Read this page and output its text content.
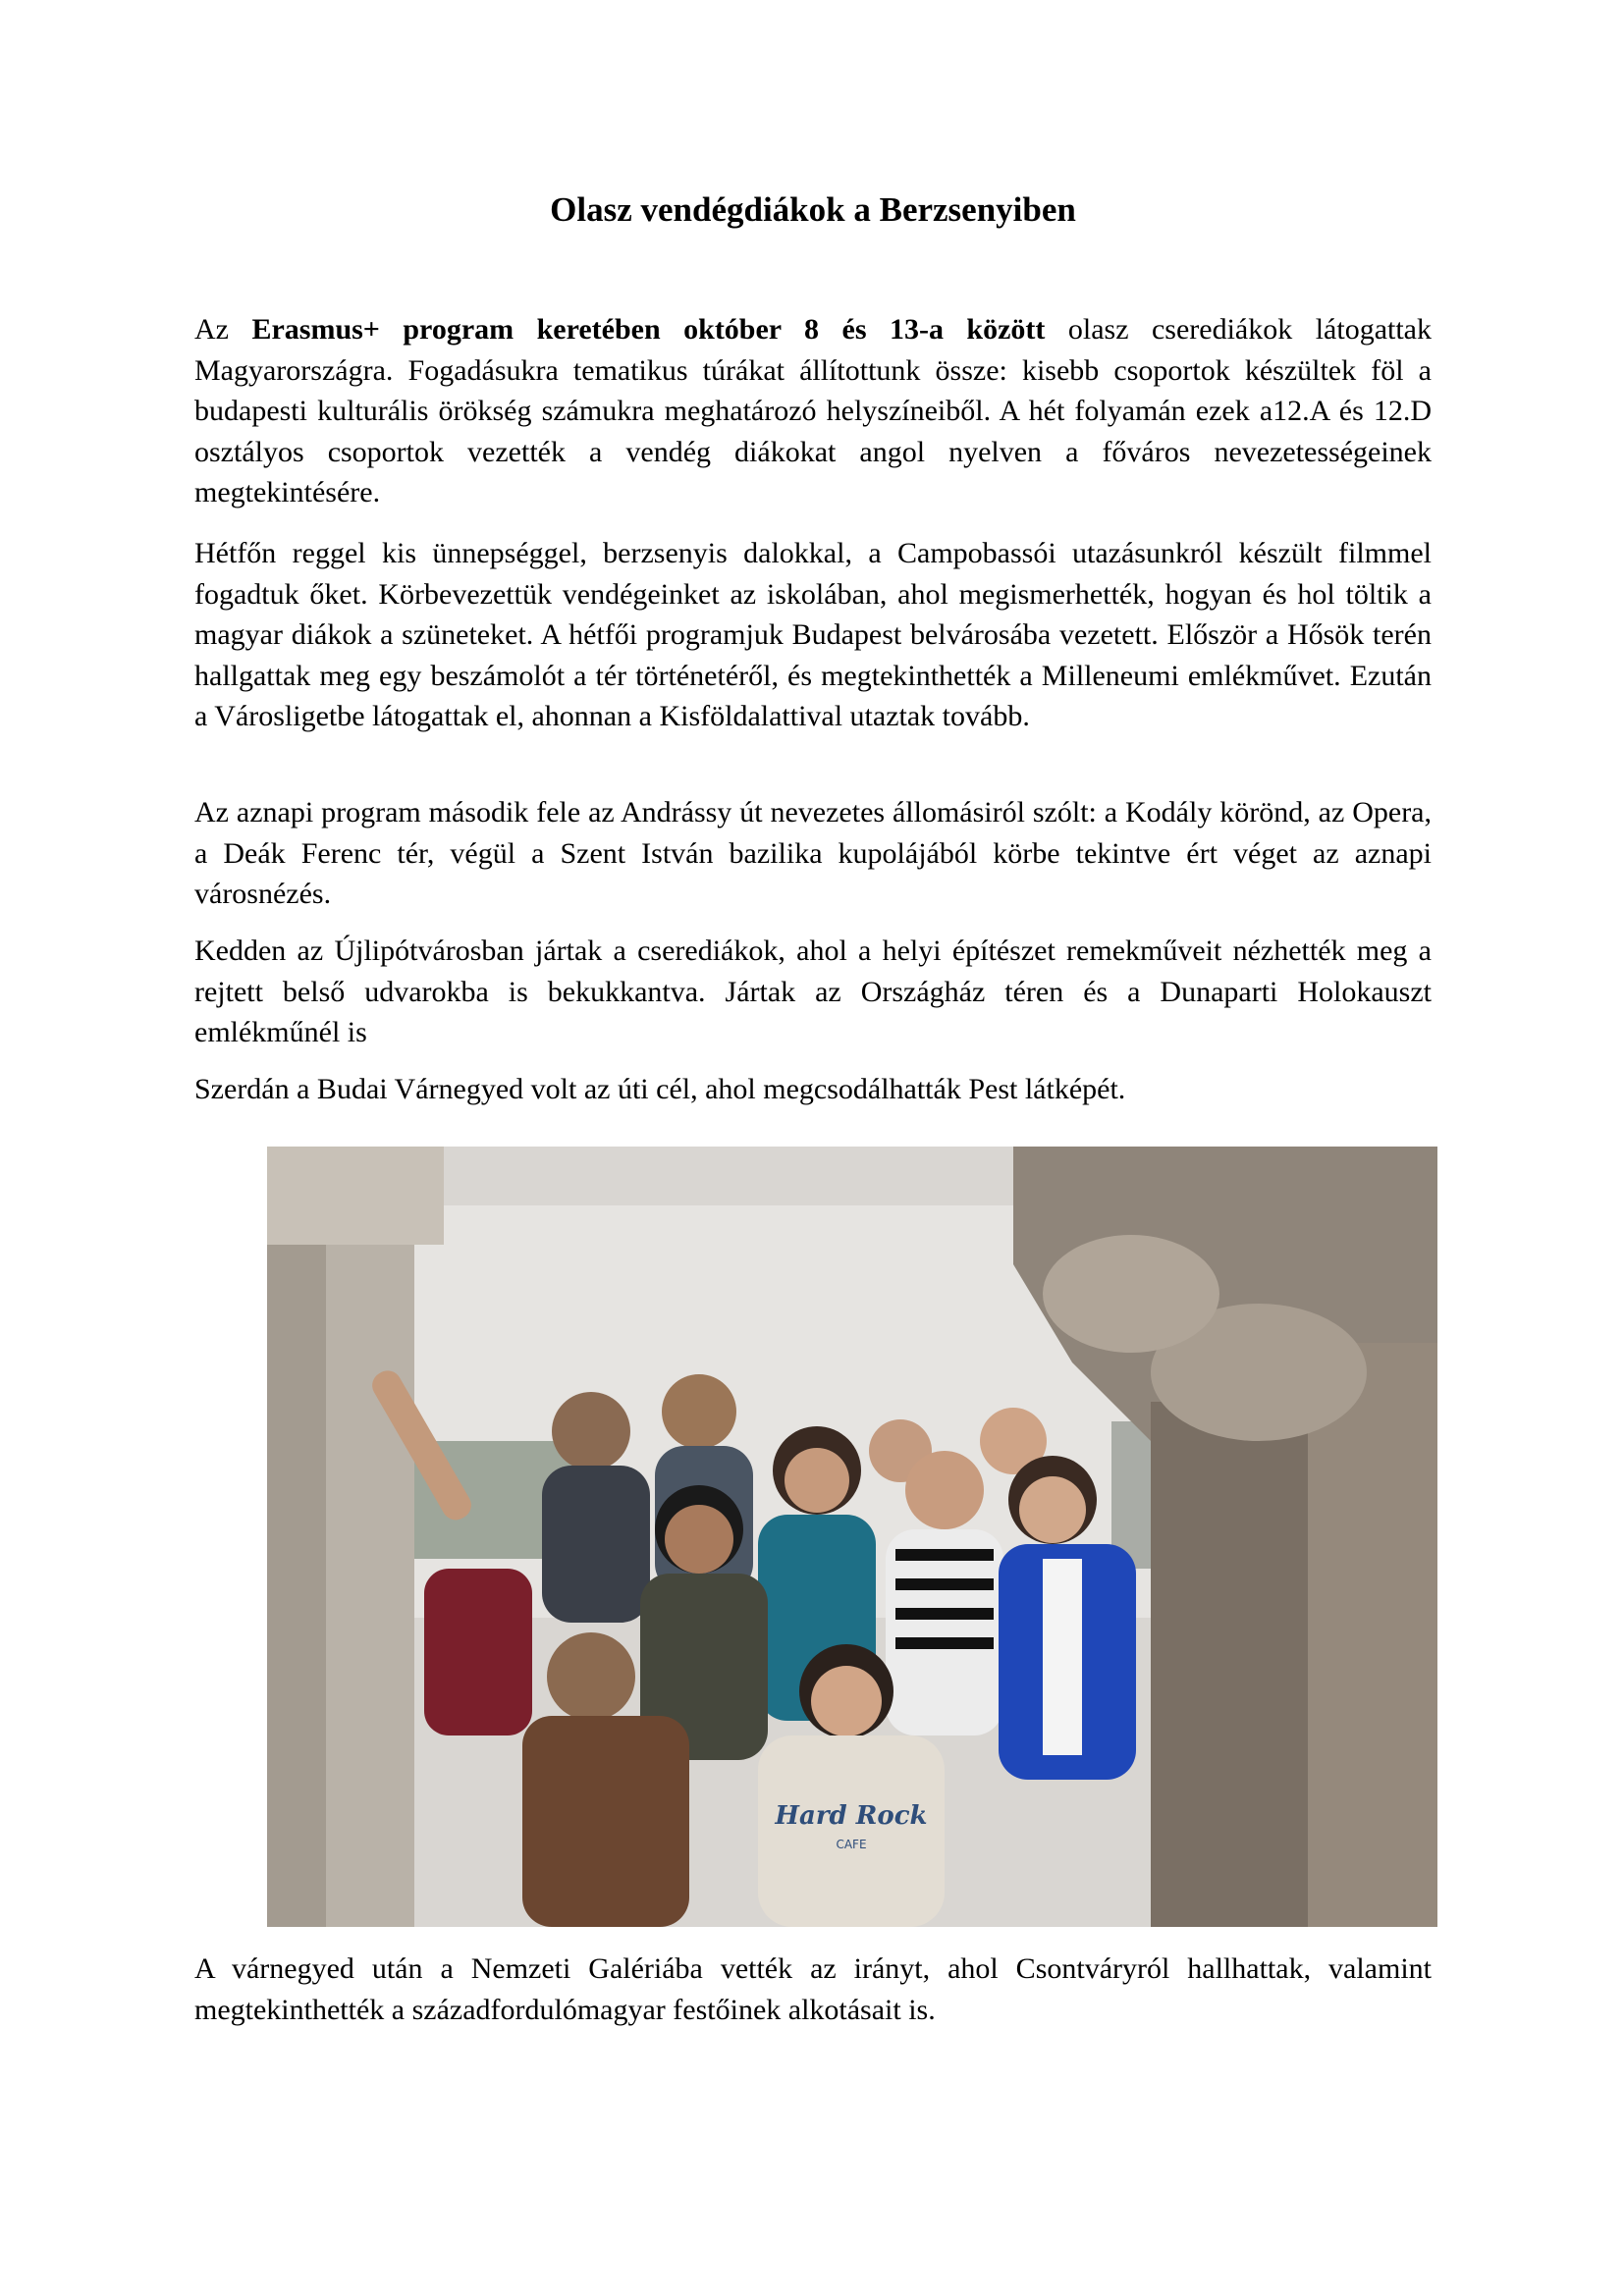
Olasz vendégdiákok a Berzsenyiben

Az Erasmus+ program keretében október 8 és 13-a között olasz cserediákok látogattak Magyarországra. Fogadásukra tematikus túrákat állítottunk össze: kisebb csoportok készültek föl a budapesti kulturális örökség számukra meghatározó helyszíneiből. A hét folyamán ezek a12.A és 12.D osztályos csoportok vezették a vendég diákokat angol nyelven a főváros nevezetességeinek megtekintésére.

Hétfőn reggel kis ünnepséggel, berzsenyis dalokkal, a Campobassói utazásunkról készült filmmel fogadtuk őket. Körbevezettük vendégeinket az iskolában, ahol megismerhették, hogyan és hol töltik a magyar diákok a szüneteket. A hétfői programjuk Budapest belvárosába vezetett. Először a Hősök terén hallgattak meg egy beszámolót a tér történetéről, és megtekinthették a Milleneumi emlékművet. Ezután a Városligetbe látogattak el, ahonnan a Kisföldalattival utaztak tovább.

Az aznapi program második fele az Andrássy út nevezetes állomásiról szólt: a Kodály körönd, az Opera, a Deák Ferenc tér, végül a Szent István bazilika kupolájából körbe tekintve ért véget az aznapi városnézés.

Kedden az Újlipótvárosban jártak a cserediákok, ahol a helyi építészet remekműveit nézhették meg a rejtett belső udvarokba is bekukkantva. Jártak az Országház téren és a Dunaparti Holokauszt emlékműnél is

Szerdán a Budai Várnegyed volt az úti cél, ahol megcsodálhatták Pest látképét.

Hard Rock
CAFE

A várnegyed után a Nemzeti Galériába vették az irányt, ahol Csontváryról hallhattak, valamint megtekinthették a századfordulómagyar festőinek alkotásait is.
